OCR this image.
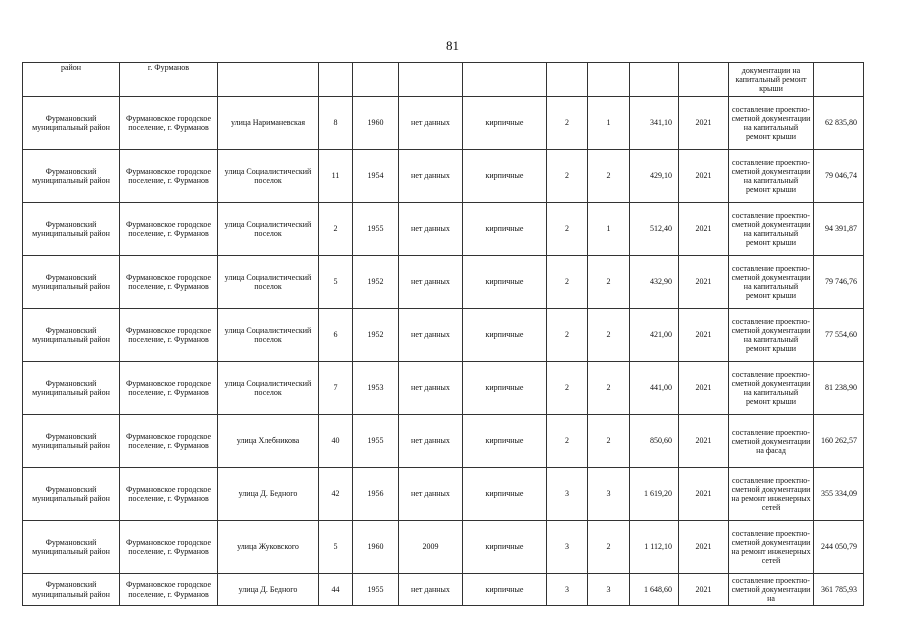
81
район	г. Фурманов										документации на капитальный ремонт крыши	
Фурмановский муниципальный район	Фурмановское городское поселение, г. Фурманов	улица Нариманевская	8	1960	нет данных	кирпичные	2	1	341,10	2021	составление проектно-сметной документации на капитальный ремонт крыши	62 835,80
Фурмановский муниципальный район	Фурмановское городское поселение, г. Фурманов	улица Социалистический поселок	11	1954	нет данных	кирпичные	2	2	429,10	2021	составление проектно-сметной документации на капитальный ремонт крыши	79 046,74
Фурмановский муниципальный район	Фурмановское городское поселение, г. Фурманов	улица Социалистический поселок	2	1955	нет данных	кирпичные	2	1	512,40	2021	составление проектно-сметной документации на капитальный ремонт крыши	94 391,87
Фурмановский муниципальный район	Фурмановское городское поселение, г. Фурманов	улица Социалистический поселок	5	1952	нет данных	кирпичные	2	2	432,90	2021	составление проектно-сметной документации на капитальный ремонт крыши	79 746,76
Фурмановский муниципальный район	Фурмановское городское поселение, г. Фурманов	улица Социалистический поселок	6	1952	нет данных	кирпичные	2	2	421,00	2021	составление проектно-сметной документации на капитальный ремонт крыши	77 554,60
Фурмановский муниципальный район	Фурмановское городское поселение, г. Фурманов	улица Социалистический поселок	7	1953	нет данных	кирпичные	2	2	441,00	2021	составление проектно-сметной документации на капитальный ремонт крыши	81 238,90
Фурмановский муниципальный район	Фурмановское городское поселение, г. Фурманов	улица Хлебникова	40	1955	нет данных	кирпичные	2	2	850,60	2021	составление проектно-сметной документации на фасад	160 262,57
Фурмановский муниципальный район	Фурмановское городское поселение, г. Фурманов	улица Д. Бедного	42	1956	нет данных	кирпичные	3	3	1 619,20	2021	составление проектно-сметной документации на ремонт инженерных сетей	355 334,09
Фурмановский муниципальный район	Фурмановское городское поселение, г. Фурманов	улица Жуковского	5	1960	2009	кирпичные	3	2	1 112,10	2021	составление проектно-сметной документации на ремонт инженерных сетей	244 050,79
Фурмановский муниципальный район	Фурмановское городское поселение, г. Фурманов	улица Д. Бедного	44	1955	нет данных	кирпичные	3	3	1 648,60	2021	составление проектно-сметной документации на	361 785,93
